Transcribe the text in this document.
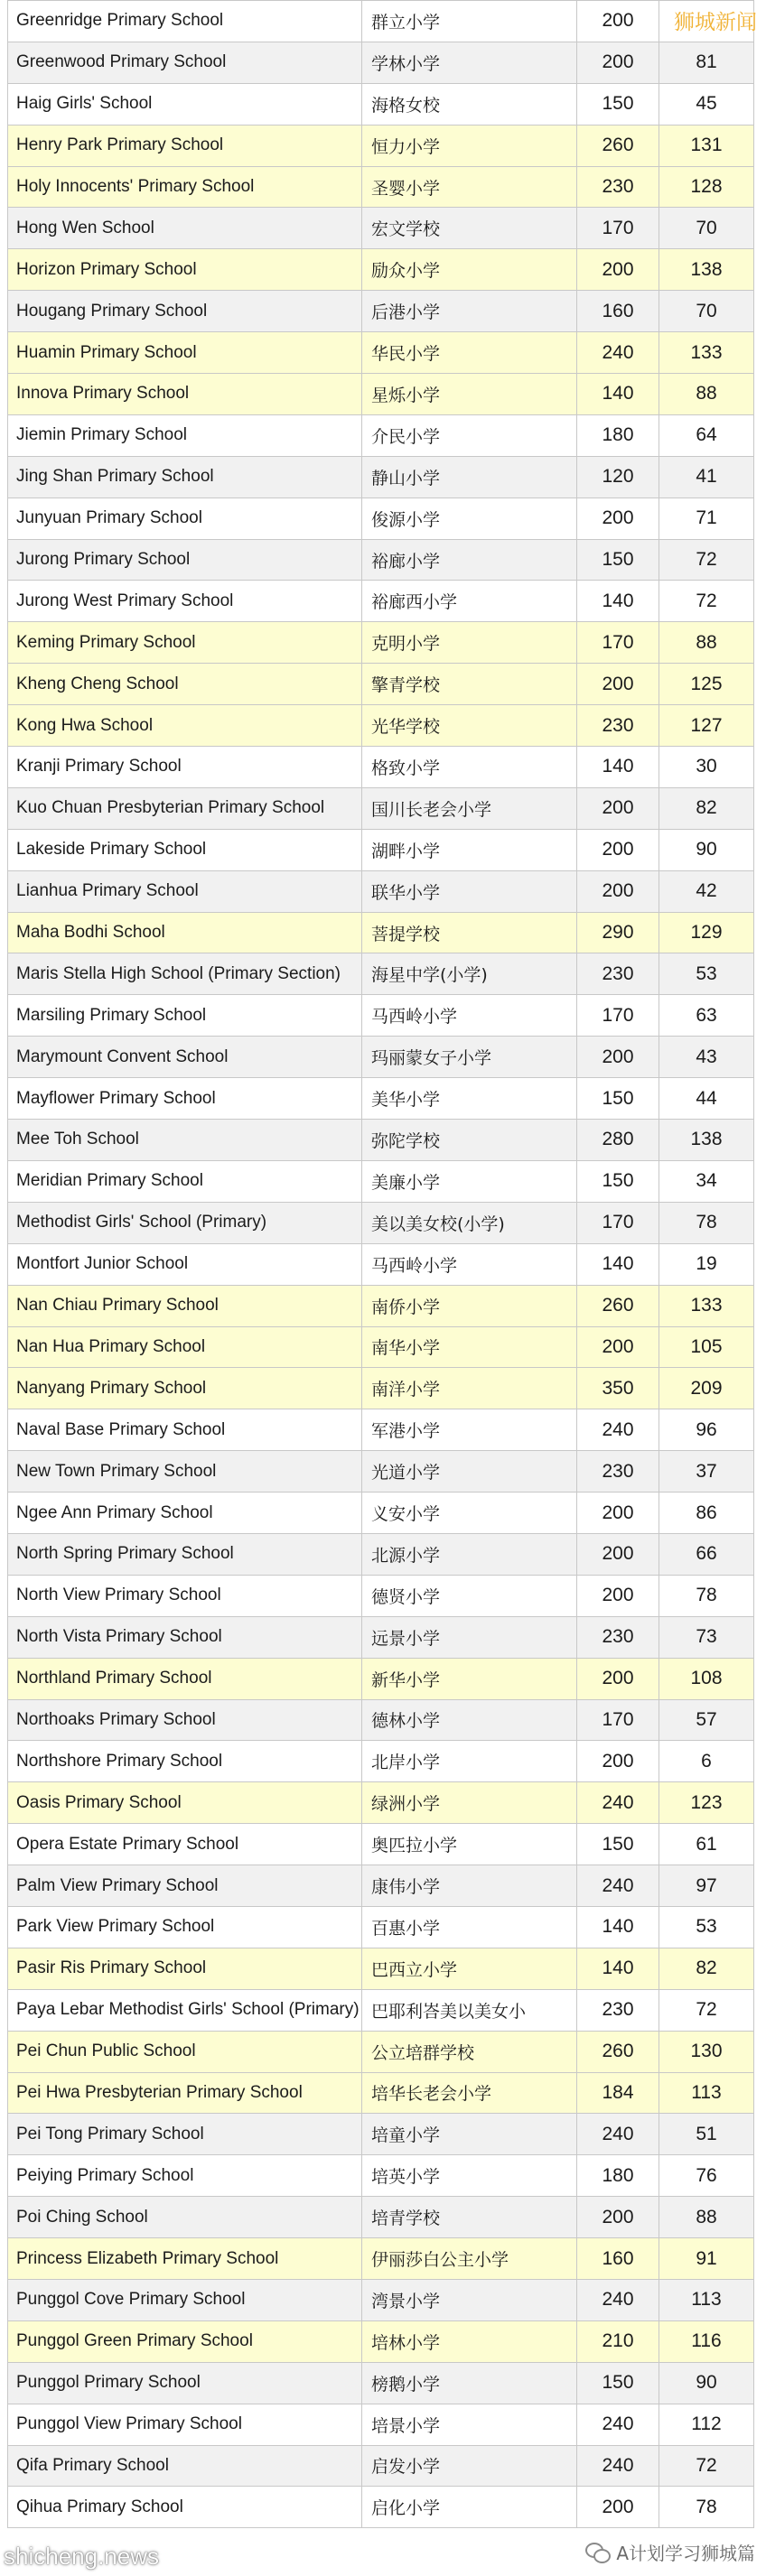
Greenridge Primary School	群立小学	200	
Greenwood Primary School	学林小学	200	81
Haig Girls' School	海格女校	150	45
Henry Park Primary School	恒力小学	260	131
Holy Innocents' Primary School	圣婴小学	230	128
Hong Wen School	宏文学校	170	70
Horizon Primary School	励众小学	200	138
Hougang Primary School	后港小学	160	70
Huamin Primary School	华民小学	240	133
Innova Primary School	星烁小学	140	88
Jiemin Primary School	介民小学	180	64
Jing Shan Primary School	静山小学	120	41
Junyuan Primary School	俊源小学	200	71
Jurong Primary School	裕廊小学	150	72
Jurong West Primary School	裕廊西小学	140	72
Keming Primary School	克明小学	170	88
Kheng Cheng School	擎青学校	200	125
Kong Hwa School	光华学校	230	127
Kranji Primary School	格致小学	140	30
Kuo Chuan Presbyterian Primary School	国川长老会小学	200	82
Lakeside Primary School	湖畔小学	200	90
Lianhua Primary School	联华小学	200	42
Maha Bodhi School	菩提学校	290	129
Maris Stella High School (Primary Section)	海星中学(小学)	230	53
Marsiling Primary School	马西岭小学	170	63
Marymount Convent School	玛丽蒙女子小学	200	43
Mayflower Primary School	美华小学	150	44
Mee Toh School	弥陀学校	280	138
Meridian Primary School	美廉小学	150	34
Methodist Girls' School (Primary)	美以美女校(小学)	170	78
Montfort Junior School	马西岭小学	140	19
Nan Chiau Primary School	南侨小学	260	133
Nan Hua Primary School	南华小学	200	105
Nanyang Primary School	南洋小学	350	209
Naval Base Primary School	军港小学	240	96
New Town Primary School	光道小学	230	37
Ngee Ann Primary School	义安小学	200	86
North Spring Primary School	北源小学	200	66
North View Primary School	德贤小学	200	78
North Vista Primary School	远景小学	230	73
Northland Primary School	新华小学	200	108
Northoaks Primary School	德林小学	170	57
Northshore Primary School	北岸小学	200	6
Oasis Primary School	绿洲小学	240	123
Opera Estate Primary School	奥匹拉小学	150	61
Palm View Primary School	康伟小学	240	97
Park View Primary School	百惠小学	140	53
Pasir Ris Primary School	巴西立小学	140	82
Paya Lebar Methodist Girls' School (Primary)	巴耶利峇美以美女小	230	72
Pei Chun Public School	公立培群学校	260	130
Pei Hwa Presbyterian Primary School	培华长老会小学	184	113
Pei Tong Primary School	培童小学	240	51
Peiying Primary School	培英小学	180	76
Poi Ching School	培青学校	200	88
Princess Elizabeth Primary School	伊丽莎白公主小学	160	91
Punggol Cove Primary School	湾景小学	240	113
Punggol Green Primary School	培林小学	210	116
Punggol Primary School	榜鹅小学	150	90
Punggol View Primary School	培景小学	240	112
Qifa Primary School	启发小学	240	72
Qihua Primary School	启化小学	200	78
狮城新闻
shicheng.news	A计划学习狮城篇
